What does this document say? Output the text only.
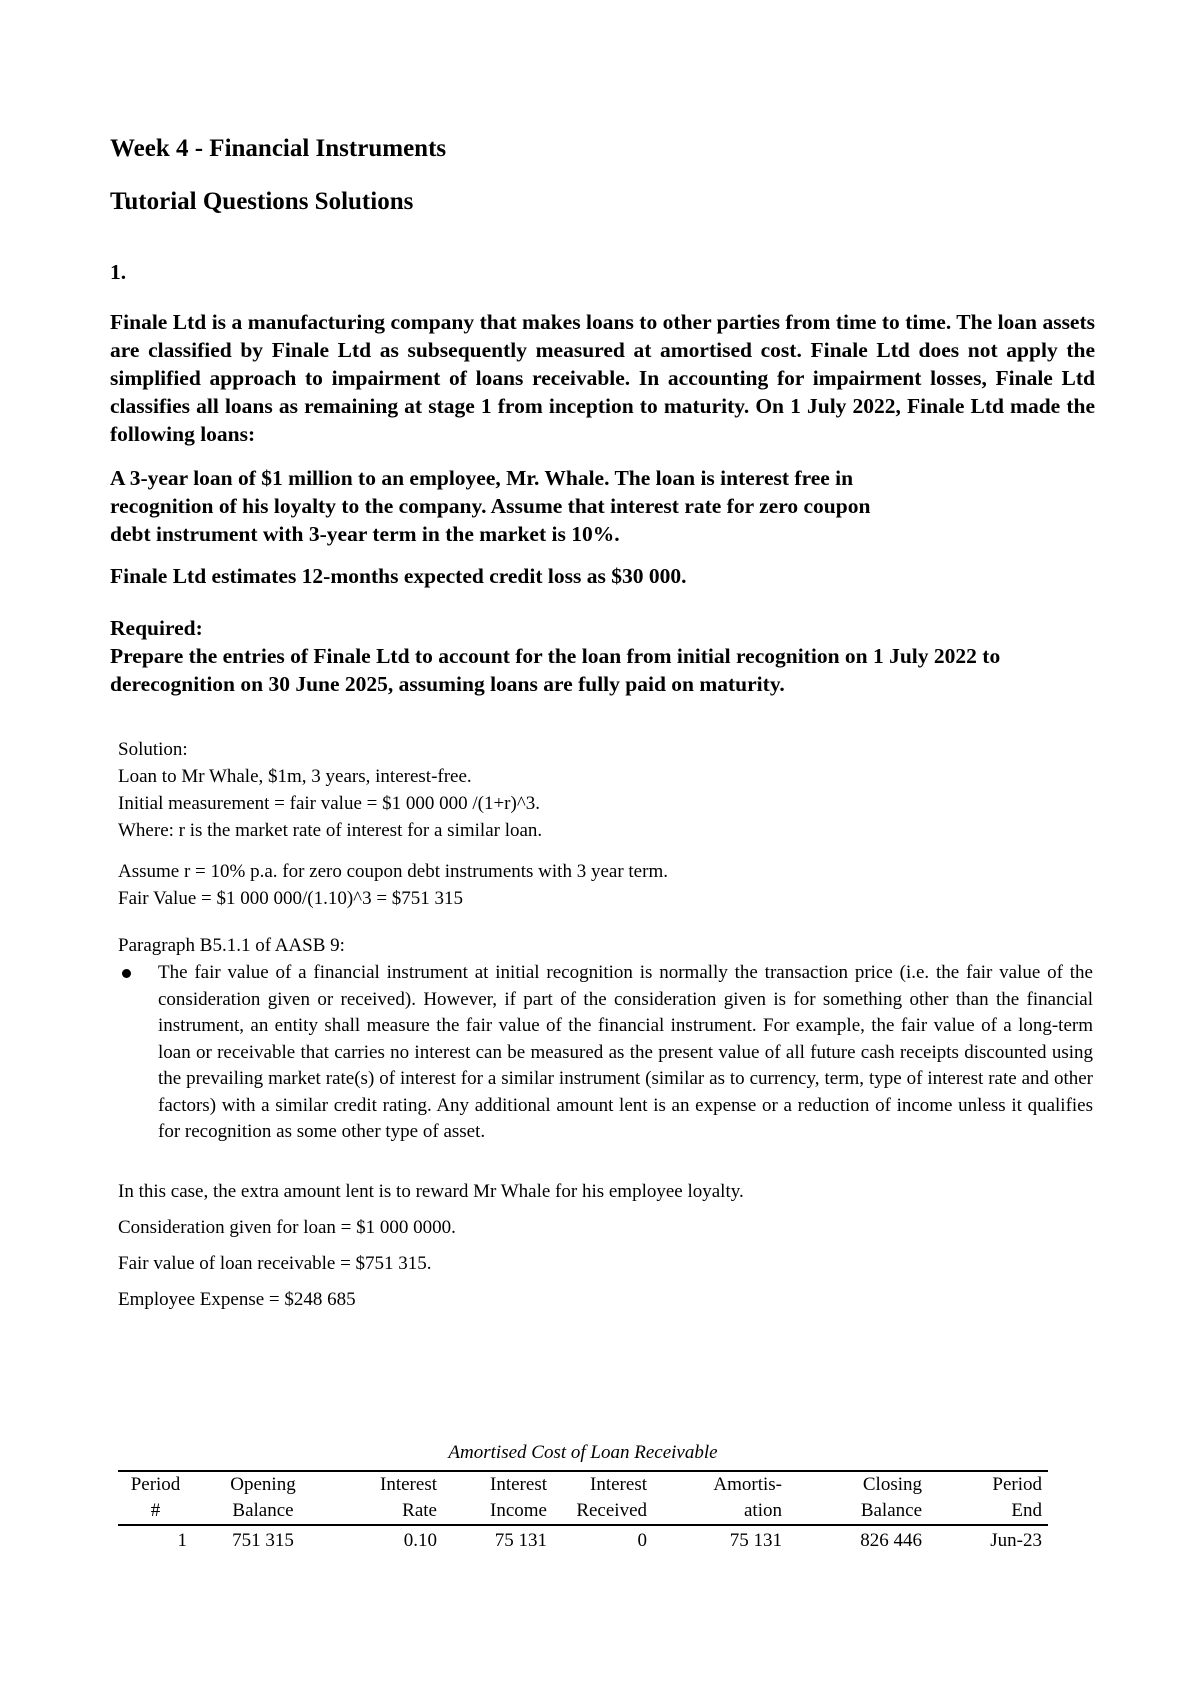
Week 4 - Financial Instruments
Tutorial Questions Solutions
1.

Finale Ltd is a manufacturing company that makes loans to other parties from time to time. The loan assets are classified by Finale Ltd as subsequently measured at amortised cost. Finale Ltd does not apply the simplified approach to impairment of loans receivable. In accounting for impairment losses, Finale Ltd classifies all loans as remaining at stage 1 from inception to maturity. On 1 July 2022, Finale Ltd made the following loans:

A 3-year loan of $1 million to an employee, Mr. Whale. The loan is interest free in
recognition of his loyalty to the company. Assume that interest rate for zero coupon
debt instrument with 3-year term in the market is 10%.
Finale Ltd estimates 12-months expected credit loss as $30 000.
Required:
Prepare the entries of Finale Ltd to account for the loan from initial recognition on 1 July 2022 to derecognition on 30 June 2025, assuming loans are fully paid on maturity.

Solution:

Loan to Mr Whale, $1m, 3 years, interest-free.

Initial measurement = fair value = $1 000 000 /(1+r)^3.

Where: r is the market rate of interest for a similar loan.

Assume r = 10% p.a. for zero coupon debt instruments with 3 year term.

Fair Value = $1 000 000/(1.10)^3 = $751 315

Paragraph B5.1.1 of AASB 9:
The fair value of a financial instrument at initial recognition is normally the transaction price (i.e. the fair value of the consideration given or received). However, if part of the consideration given is for something other than the financial instrument, an entity shall measure the fair value of the financial instrument. For example, the fair value of a long-term loan or receivable that carries no interest can be measured as the present value of all future cash receipts discounted using the prevailing market rate(s) of interest for a similar instrument (similar as to currency, term, type of interest rate and other factors) with a similar credit rating. Any additional amount lent is an expense or a reduction of income unless it qualifies for recognition as some other type of asset.
In this case, the extra amount lent is to reward Mr Whale for his employee loyalty.
Consideration given for loan = $1 000 0000.
Fair value of loan receivable = $751 315.
Employee Expense = $248 685
Amortised Cost of Loan Receivable
Period	Opening	Interest	Interest	Interest	Amortis-	Closing	Period
#	Balance	Rate	Income	Received	ation	Balance	End
1	751 315	0.10	75 131	0	75 131	826 446	Jun-23
